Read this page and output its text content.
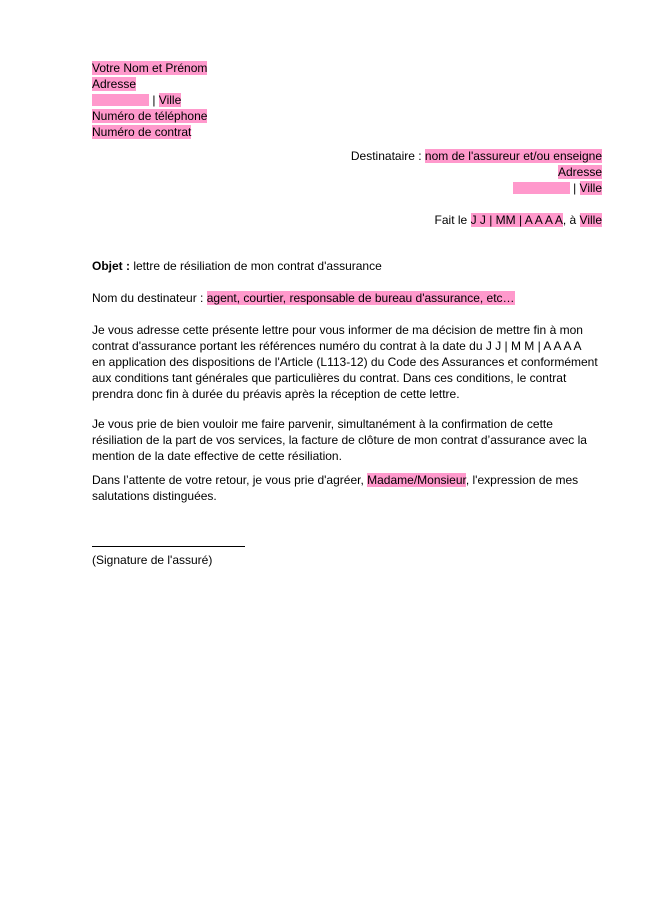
Votre Nom et Prénom
Adresse
| Ville
Numéro de téléphone
Numéro de contrat
Destinataire : nom de l'assureur et/ou enseigne
Adresse
| Ville
Fait le J J | MM | A A A A, à Ville
Objet : lettre de résiliation de mon contrat d'assurance
Nom du destinateur : agent, courtier, responsable de bureau d'assurance, etc…
Je vous adresse cette présente lettre pour vous informer de ma décision de mettre fin à mon
contrat d'assurance portant les références numéro du contrat à la date du J J | M M | A A A A
en application des dispositions de l'Article (L113-12) du Code des Assurances et conformément
aux conditions tant générales que particulières du contrat. Dans ces conditions, le contrat
prendra donc fin à durée du préavis après la réception de cette lettre.
Je vous prie de bien vouloir me faire parvenir, simultanément à la confirmation de cette
résiliation de la part de vos services, la facture de clôture de mon contrat d’assurance avec la
mention de la date effective de cette résiliation.
Dans l’attente de votre retour, je vous prie d'agréer, Madame/Monsieur, l'expression de mes
salutations distinguées.
(Signature de l'assuré)
